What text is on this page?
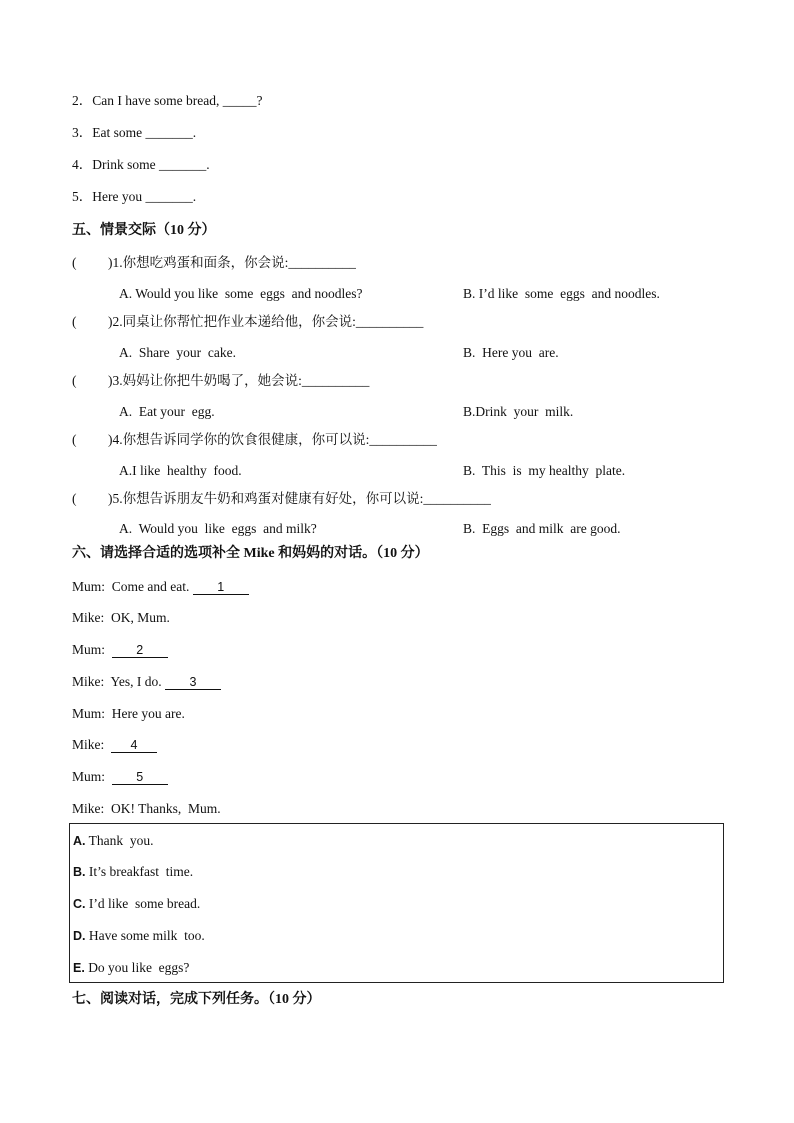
2．Can I have some bread, _____?
3．Eat some _______.
4．Drink some _______.
5．Here you _______.
五、情景交际（10 分）
( )1.你想吃鸡蛋和面条，你会说:__________
A. Would you like  some  eggs  and noodles?	B. I’d like  some  eggs  and noodles.
( )2.同桌让你帮忙把作业本递给他，你会说:__________
A.  Share  your  cake.	B.  Here you  are.
( )3.妈妈让你把牛奶喝了，她会说:__________
A.  Eat your  egg.	B.Drink  your  milk.
( )4.你想告诉同学你的饮食很健康，你可以说:__________
A.I like  healthy  food.	B.  This  is  my healthy  plate.
( )5.你想告诉朋友牛奶和鸡蛋对健康有好处，你可以说:__________
A.  Would you  like  eggs  and milk?	B.  Eggs  and milk  are good.
六、请选择合适的选项补全 Mike 和妈妈的对话。（10 分）
Mum: Come and eat. 1
Mike: OK, Mum.
Mum:	2
Mike: Yes, I do. 3
Mum: Here you are.
Mike: 4
Mum:	5
Mike: OK! Thanks,  Mum.
A. Thank  you.
B. It’s breakfast  time.
C. I’d like  some bread.
D. Have some milk  too.
E. Do you like  eggs?
七、阅读对话，完成下列任务。（10 分）
